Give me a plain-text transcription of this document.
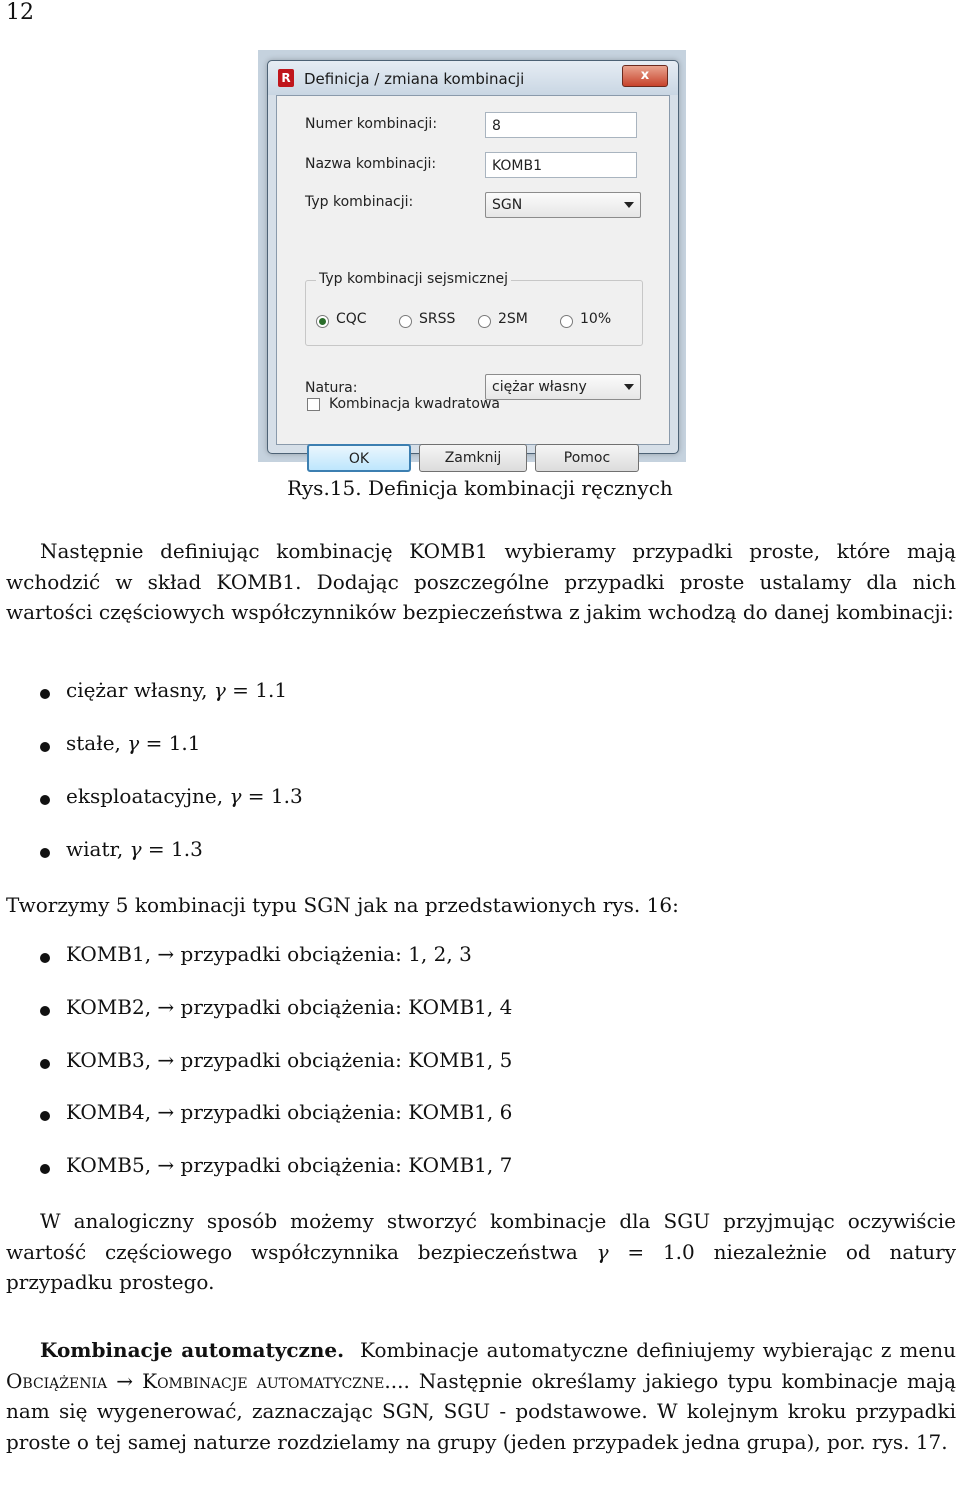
12
R Definicja / zmiana kombinacji	x
Numer kombinacji:	8
Nazwa kombinacji:	KOMB1
Typ kombinacji:	SGN
Typ kombinacji sejsmicznej
CQC	SRSS	2SM	10%
Natura:	ciężar własny
Kombinacja kwadratowa
OK	Zamknij	Pomoc
Rys.15. Definicja kombinacji ręcznych

Następnie definiując kombinację KOMB1 wybieramy przypadki proste, które mają wchodzić w skład KOMB1. Dodając poszczególne przypadki proste ustalamy dla nich wartości częściowych współczynników bezpieczeństwa z jakim wchodzą do danej kombinacji:

ciężar własny, γ = 1.1
stałe, γ = 1.1
eksploatacyjne, γ = 1.3
wiatr, γ = 1.3

Tworzymy 5 kombinacji typu SGN jak na przedstawionych rys. 16:

KOMB1, → przypadki obciążenia: 1, 2, 3
KOMB2, → przypadki obciążenia: KOMB1, 4
KOMB3, → przypadki obciążenia: KOMB1, 5
KOMB4, → przypadki obciążenia: KOMB1, 6
KOMB5, → przypadki obciążenia: KOMB1, 7

W analogiczny sposób możemy stworzyć kombinacje dla SGU przyjmując oczywiście wartość częściowego współczynnika bezpieczeństwa γ = 1.0 niezależnie od natury przypadku prostego.

Kombinacje automatyczne. Kombinacje automatyczne definiujemy wybierając z menu Obciążenia → Kombinacje automatyczne.... Następnie określamy jakiego typu kombinacje mają nam się wygenerować, zaznaczając SGN, SGU - podstawowe. W kolejnym kroku przypadki proste o tej samej naturze rozdzielamy na grupy (jeden przypadek jedna grupa), por. rys. 17.
